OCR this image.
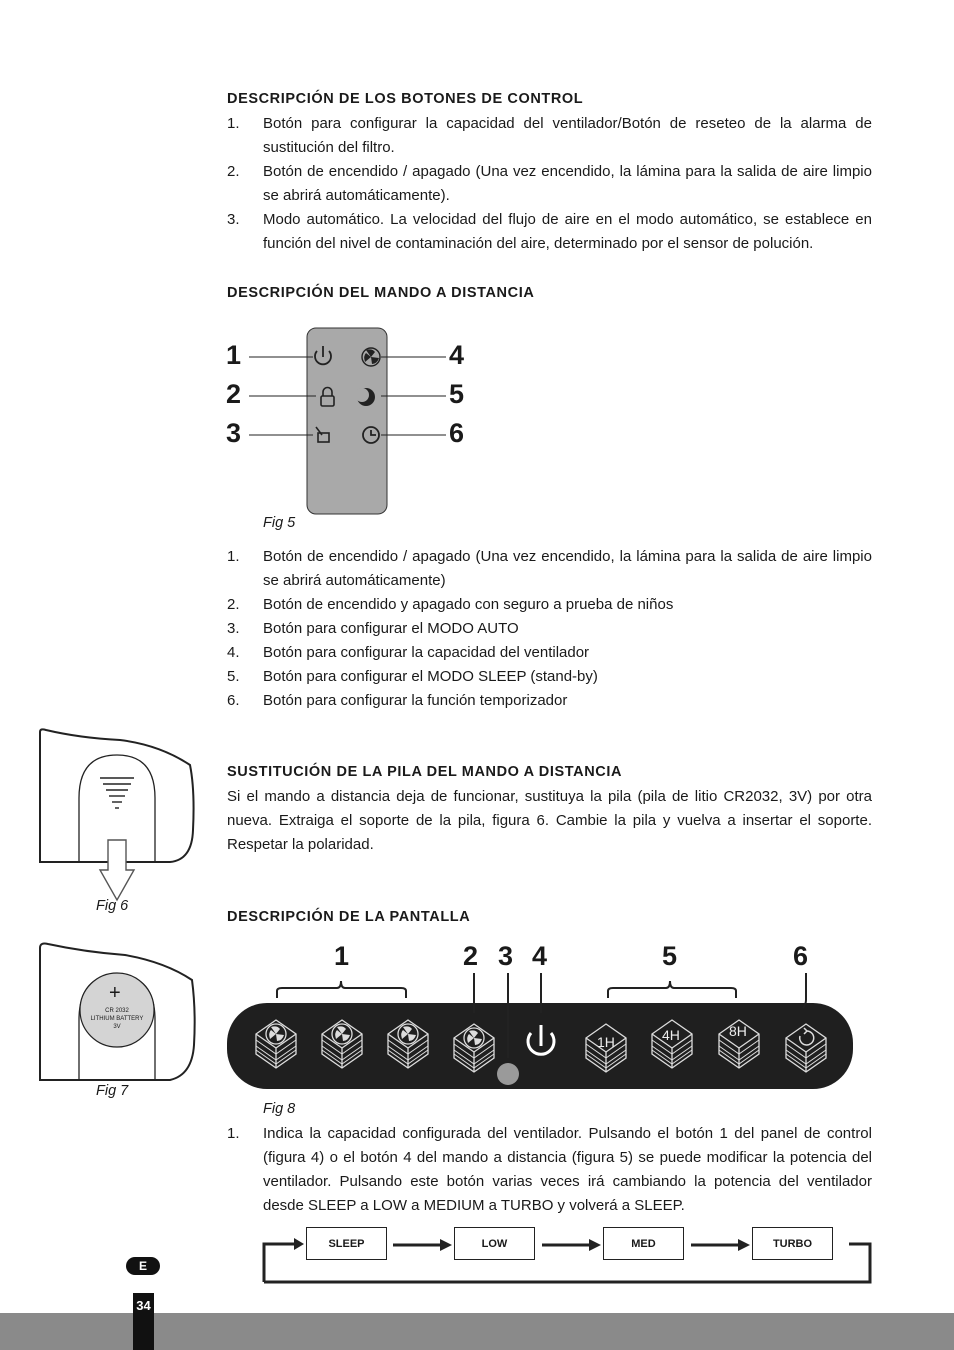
DESCRIPCIÓN DE LOS BOTONES DE CONTROL
1. Botón para configurar la capacidad del ventilador/Botón de reseteo de la alarma de sustitución del filtro.
2. Botón de encendido / apagado (Una vez encendido, la lámina para la salida de aire limpio se abrirá automáticamente).
3. Modo automático. La velocidad del flujo de aire en el modo automático, se establece en función del nivel de contaminación del aire, determinado por el sensor de polución.
DESCRIPCIÓN DEL MANDO A DISTANCIA
1
2
3
4
5
6
Fig 5
1. Botón de encendido / apagado (Una vez encendido, la lámina para la salida de aire limpio se abrirá automáticamente)
2. Botón de encendido y apagado con seguro a prueba de niños
3. Botón para configurar el MODO AUTO
4. Botón para configurar la capacidad del ventilador
5. Botón para configurar el MODO SLEEP (stand-by)
6. Botón para configurar la función temporizador
Fig 6
+
CR 2032
LITHIUM BATTERY
3V
Fig 7
SUSTITUCIÓN DE LA PILA DEL MANDO A DISTANCIA

Si el mando a distancia deja de funcionar, sustituya la pila (pila de litio CR2032, 3V) por otra nueva. Extraiga el soporte de la pila, figura 6. Cambie la pila y vuelva a insertar el soporte. Respetar la polaridad.

DESCRIPCIÓN DE LA PANTALLA
1	2 3 4	5	6
1H	4H	8H
Fig 8
1. Indica la capacidad configurada del ventilador. Pulsando el botón 1 del panel de control (figura 4) o el botón 4 del mando a distancia (figura 5) se puede modificar la potencia del ventilador. Pulsando este botón varias veces irá cambiando la potencia del ventilador desde SLEEP a LOW a MEDIUM a TURBO y volverá a SLEEP.
SLEEP	LOW	MED	TURBO
E
34
